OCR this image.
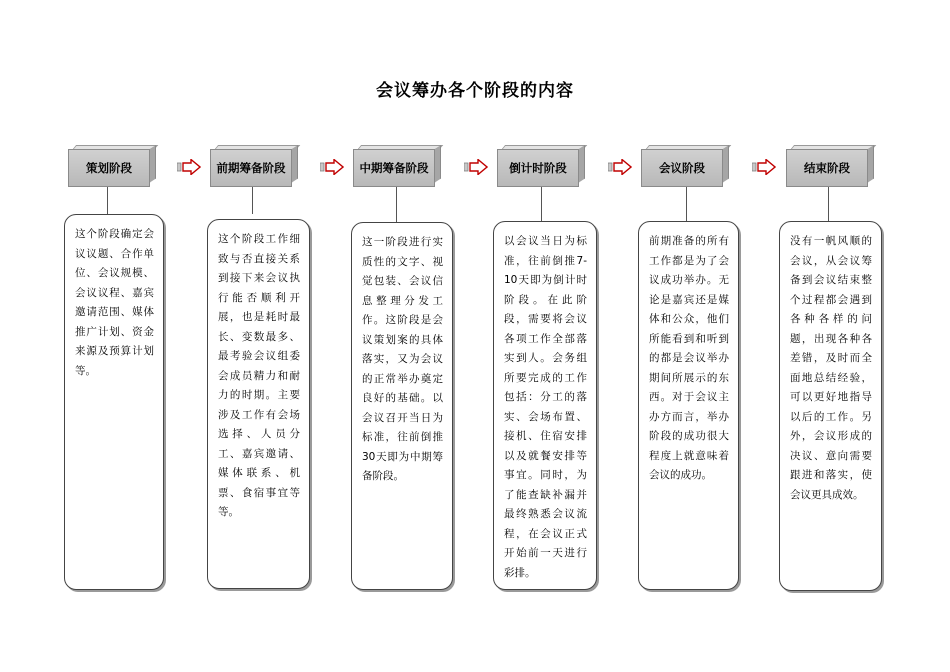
会议筹办各个阶段的内容
策划阶段	前期筹备阶段	中期筹备阶段	倒计时阶段	会议阶段	结束阶段
这个阶段确定会议议题、合作单位、会议规模、会议议程、嘉宾邀请范围、媒体推广计划、资金来源及预算计划等。
这个阶段工作细致与否直接关系到接下来会议执行能否顺利开展，也是耗时最长、变数最多、最考验会议组委会成员精力和耐力的时期。主要涉及工作有会场选择、人员分工、嘉宾邀请、媒体联系、机票、食宿事宜等等。
这一阶段进行实质性的文字、视觉包装、会议信息整理分发工作。这阶段是会议策划案的具体落实，又为会议的正常举办奠定良好的基础。以会议召开当日为标准，往前倒推30天即为中期筹备阶段。
以会议当日为标准，往前倒推7-10天即为倒计时阶段。在此阶段，需要将会议各项工作全部落实到人。会务组所要完成的工作包括：分工的落实、会场布置、接机、住宿安排以及就餐安排等事宜。同时，为了能查缺补漏并最终熟悉会议流程，在会议正式开始前一天进行彩排。
前期准备的所有工作都是为了会议成功举办。无论是嘉宾还是媒体和公众，他们所能看到和听到的都是会议举办期间所展示的东西。对于会议主办方而言，举办阶段的成功很大程度上就意味着会议的成功。
没有一帆风顺的会议，从会议筹备到会议结束整个过程都会遇到各种各样的问题，出现各种各差错，及时而全面地总结经验，可以更好地指导以后的工作。另外，会议形成的决议、意向需要跟进和落实，使会议更具成效。
